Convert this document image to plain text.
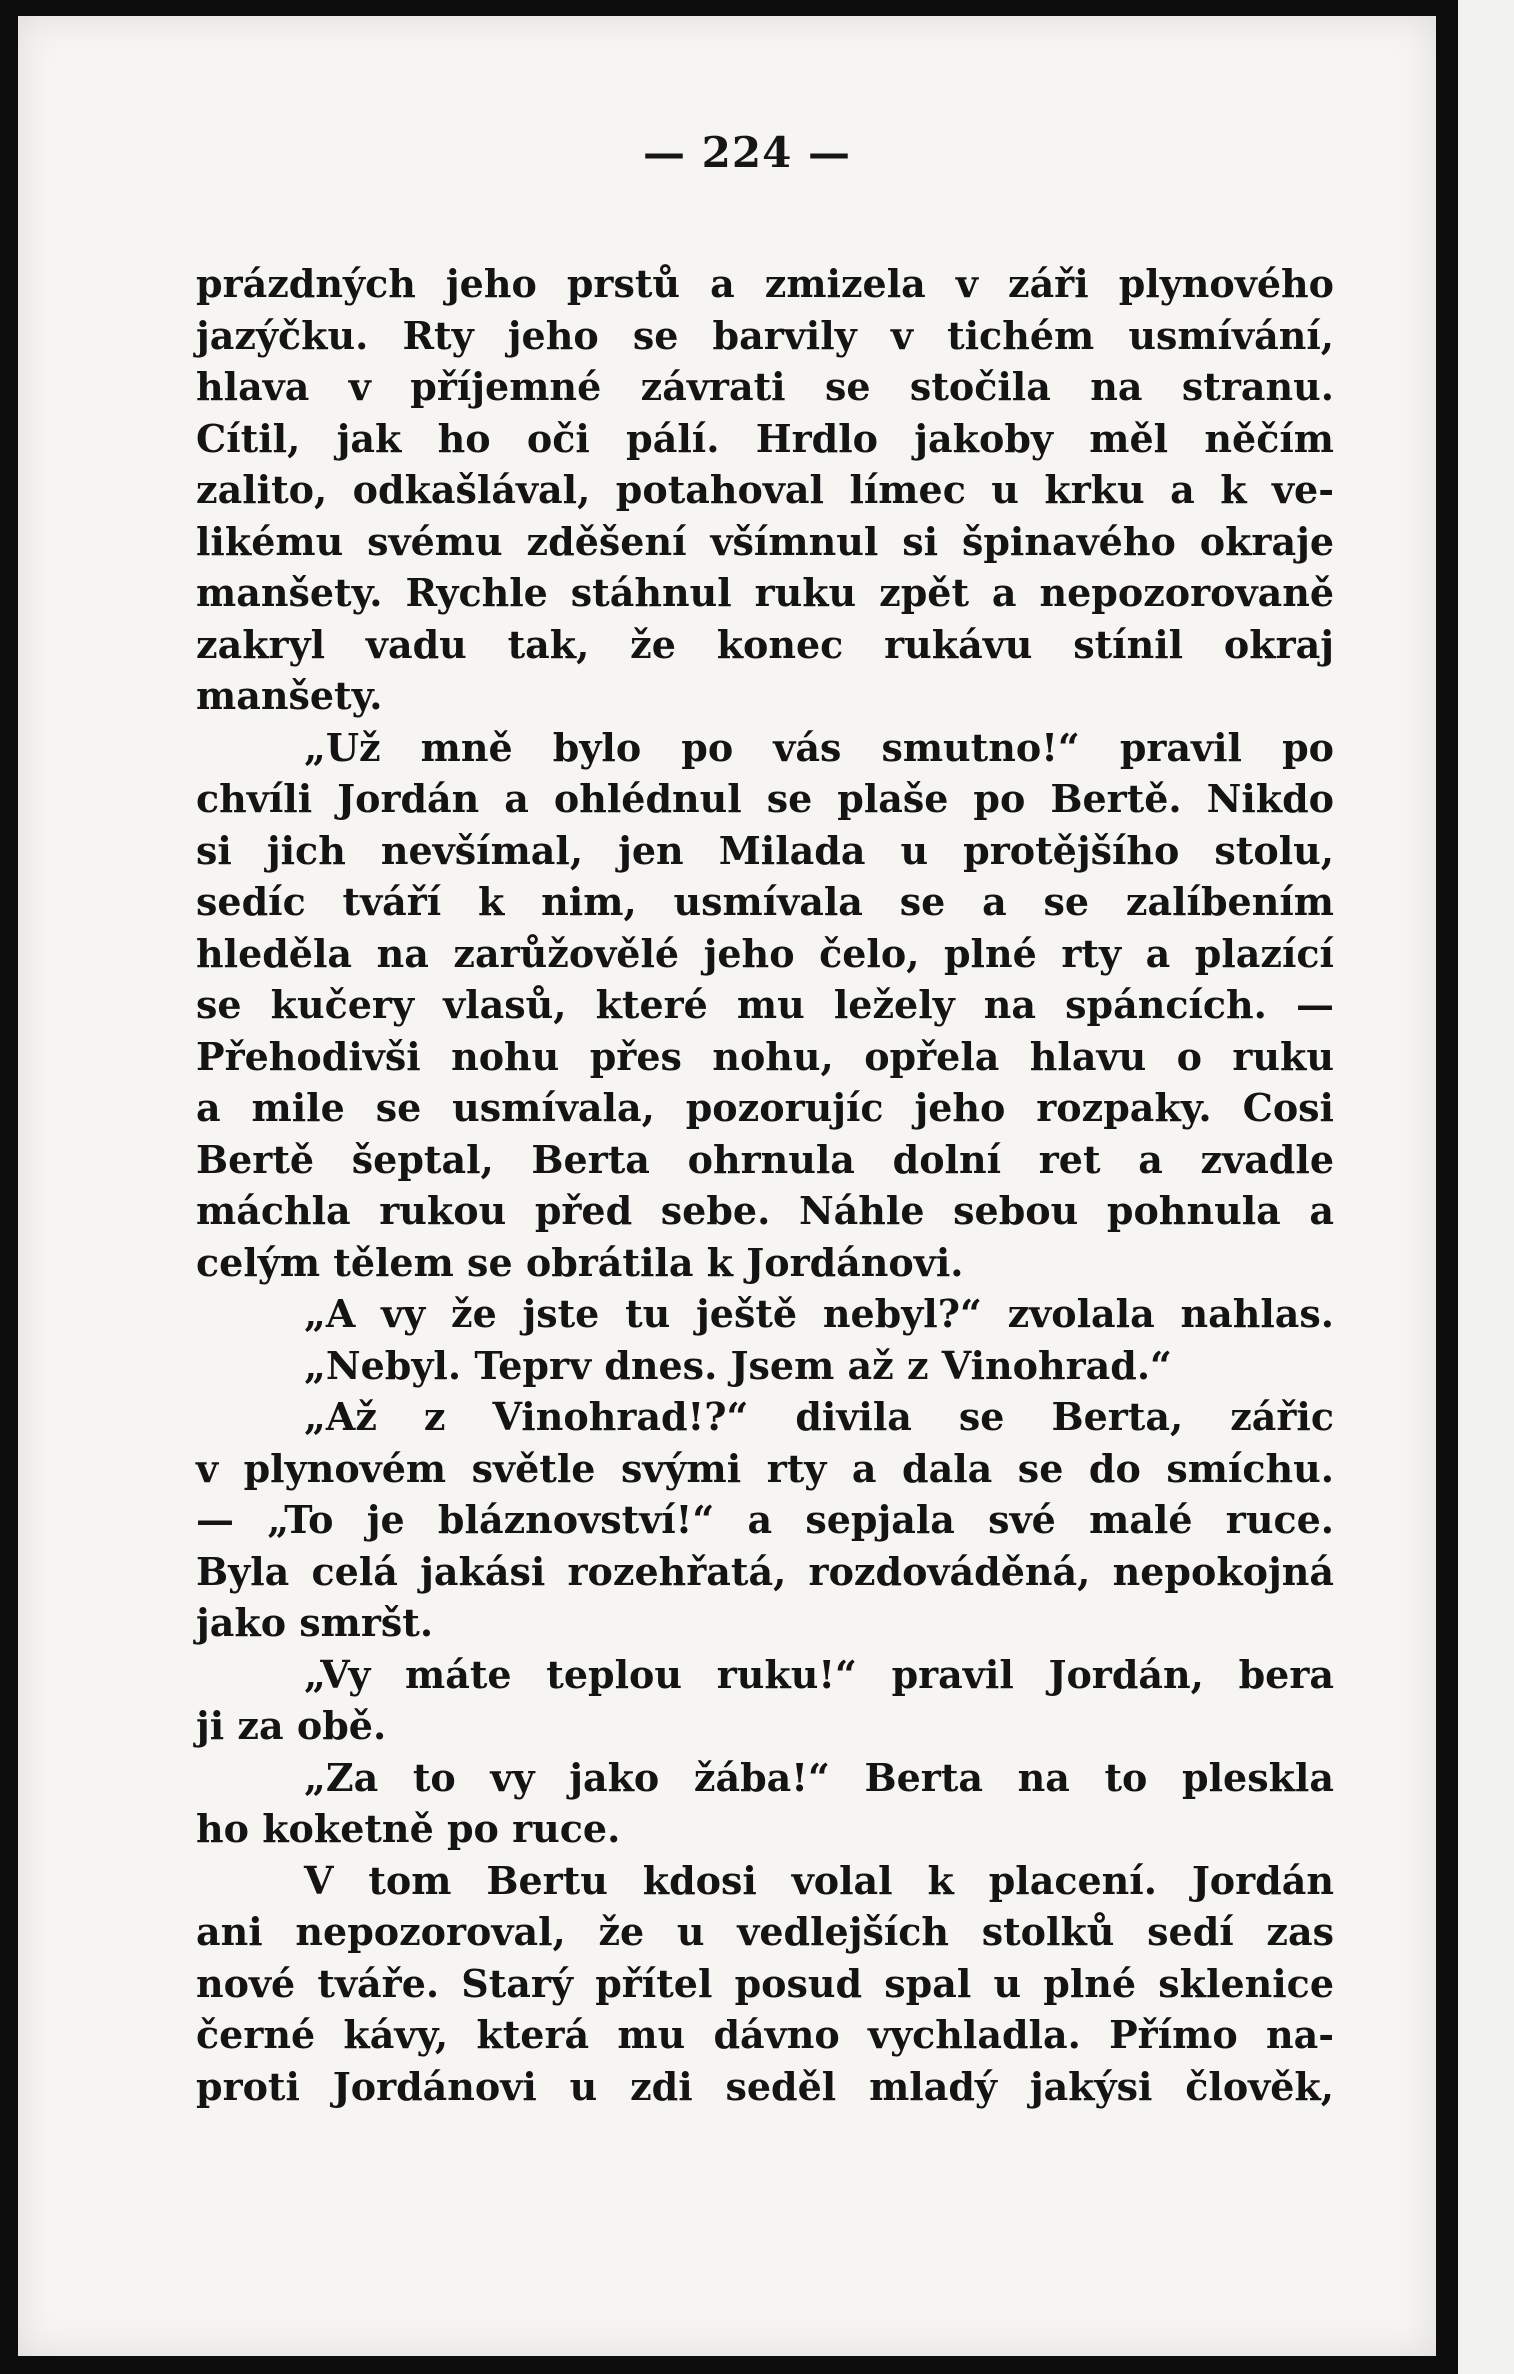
— 224 —
prázdných jeho prstů a zmizela v záři plynového
jazýčku. Rty jeho se barvily v tichém usmívání,
hlava v příjemné závrati se stočila na stranu.
Cítil, jak ho oči pálí. Hrdlo jakoby měl něčím
zalito, odkašlával, potahoval límec u krku a k ve-
likému svému zděšení všímnul si špinavého okraje
manšety. Rychle stáhnul ruku zpět a nepozorovaně
zakryl vadu tak, že konec rukávu stínil okraj
manšety.
„Už mně bylo po vás smutno!“ pravil po
chvíli Jordán a ohlédnul se plaše po Bertě. Nikdo
si jich nevšímal, jen Milada u protějšího stolu,
sedíc tváří k nim, usmívala se a se zalíbením
hleděla na zarůžovělé jeho čelo, plné rty a plazící
se kučery vlasů, které mu ležely na spáncích. —
Přehodivši nohu přes nohu, opřela hlavu o ruku
a mile se usmívala, pozorujíc jeho rozpaky. Cosi
Bertě šeptal, Berta ohrnula dolní ret a zvadle
máchla rukou před sebe. Náhle sebou pohnula a
celým tělem se obrátila k Jordánovi.
„A vy že jste tu ještě nebyl?“ zvolala nahlas.
„Nebyl. Teprv dnes. Jsem až z Vinohrad.“
„Až z Vinohrad!?“ divila se Berta, zářic
v plynovém světle svými rty a dala se do smíchu.
— „To je bláznovství!“ a sepjala své malé ruce.
Byla celá jakási rozehřatá, rozdováděná, nepokojná
jako smršt.
„Vy máte teplou ruku!“ pravil Jordán, bera
ji za obě.
„Za to vy jako žába!“ Berta na to pleskla
ho koketně po ruce.
V tom Bertu kdosi volal k placení. Jordán
ani nepozoroval, že u vedlejších stolků sedí zas
nové tváře. Starý přítel posud spal u plné sklenice
černé kávy, která mu dávno vychladla. Přímo na-
proti Jordánovi u zdi seděl mladý jakýsi člověk,
